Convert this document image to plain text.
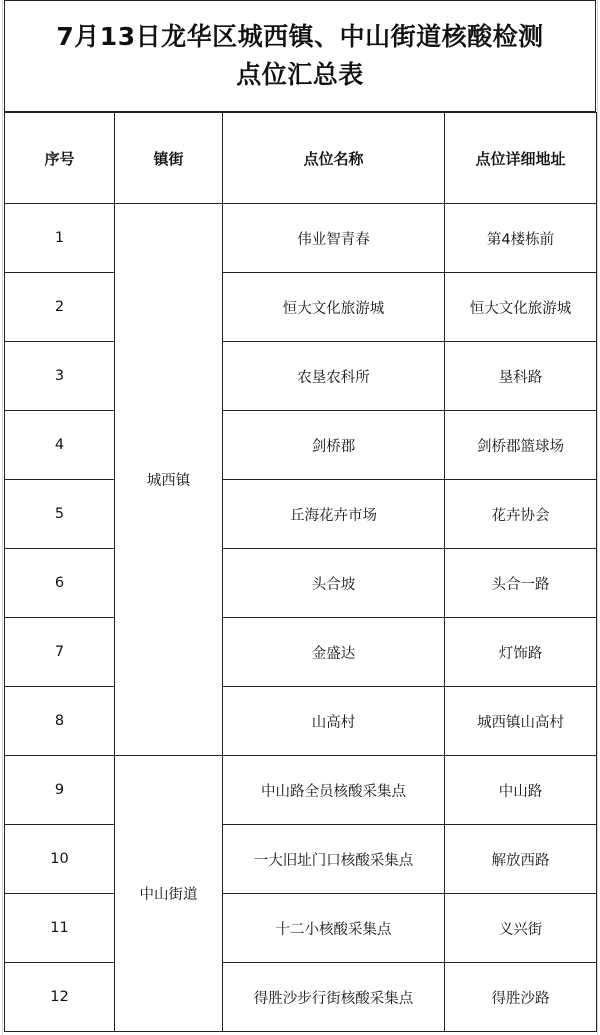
7月13日龙华区城西镇、中山街道核酸检测
点位汇总表
序号	镇街	点位名称	点位详细地址
1	城西镇	伟业智青春	第4楼栋前
2		恒大文化旅游城	恒大文化旅游城
3		农垦农科所	垦科路
4		剑桥郡	剑桥郡篮球场
5		丘海花卉市场	花卉协会
6		头合坡	头合一路
7		金盛达	灯饰路
8		山高村	城西镇山高村
9	中山街道	中山路全员核酸采集点	中山路
10		一大旧址门口核酸采集点	解放西路
11		十二小核酸采集点	义兴街
12		得胜沙步行街核酸采集点	得胜沙路
